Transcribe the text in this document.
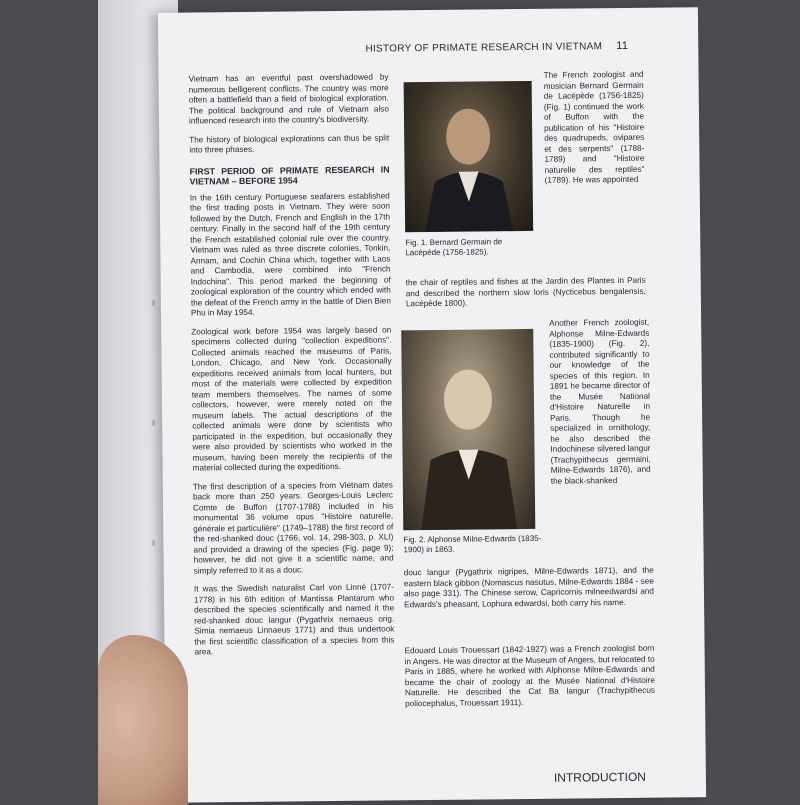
HISTORY OF PRIMATE RESEARCH IN VIETNAM 11

Vietnam has an eventful past overshadowed by numerous belligerent conflicts. The country was more often a battlefield than a field of biological exploration. The political background and rule of Vietnam also influenced research into the country's biodiversity.

The history of biological explorations can thus be split into three phases.

FIRST PERIOD OF PRIMATE RESEARCH IN VIETNAM – BEFORE 1954

In the 16th century Portuguese seafarers established the first trading posts in Vietnam. They were soon followed by the Dutch, French and English in the 17th century. Finally in the second half of the 19th century the French established colonial rule over the country. Vietnam was ruled as three discrete colonies, Tonkin, Annam, and Cochin China which, together with Laos and Cambodia, were combined into "French Indochina". This period marked the beginning of zoological exploration of the country which ended with the defeat of the French army in the battle of Dien Bien Phu in May 1954.

Zoological work before 1954 was largely based on specimens collected during "collection expeditions". Collected animals reached the museums of Paris, London, Chicago, and New York. Occasionally expeditions received animals from local hunters, but most of the materials were collected by expedition team members themselves. The names of some collectors, however, were merely noted on the museum labels. The actual descriptions of the collected animals were done by scientists who participated in the expedition, but occasionally they were also provided by scientists who worked in the museum, having been merely the recipients of the material collected during the expeditions.

The first description of a species from Vietnam dates back more than 250 years. Georges-Louis Leclerc Comte de Buffon (1707-1788) included in his monumental 36 volume opus "Histoire naturelle, générale et particulière" (1749–1788) the first record of the red-shanked douc (1766, vol. 14, 298-303, p. XLI) and provided a drawing of the species (Fig. page 9); however, he did not give it a scientific name, and simply referred to it as a douc.

It was the Swedish naturalist Carl von Linné (1707-1778) in his 6th edition of Mantissa Plantarum who described the species scientifically and named it the red-shanked douc langur (Pygathrix nemaeus orig. Simia nemaeus Linnaeus 1771) and thus undertook the first scientific classification of a species from this area.

Fig. 1. Bernard Germain de Lacépède (1756-1825).
The French zoologist and musician Bernard Germain de Lacépède (1756-1825) (Fig. 1) continued the work of Buffon with the publication of his "Histoire des quadrupeds, ovipares et des serpents" (1788-1789) and "Histoire naturelle des reptiles" (1789). He was appointed
the chair of reptiles and fishes at the Jardin des Plantes in Paris and described the northern slow loris (Nycticebus bengalensis, Lacépède 1800).
Fig. 2. Alphonse Milne-Edwards (1835-1900) in 1863.
Another French zoologist, Alphonse Milne-Edwards (1835-1900) (Fig. 2), contributed significantly to our knowledge of the species of this region. In 1891 he became director of the Musée National d'Histoire Naturelle in Paris. Though he specialized in ornithology, he also described the Indochinese silvered langur (Trachypithecus germaini, Milne-Edwards 1876), and the black-shanked
douc langur (Pygathrix nigripes, Milne-Edwards 1871), and the eastern black gibbon (Nomascus nasutus, Milne-Edwards 1884 - see also page 331). The Chinese serow, Capricornis milneedwardsi and Edwards's pheasant, Lophura edwardsi, both carry his name.
Edouard Louis Trouessart (1842-1927) was a French zoologist born in Angers. He was director at the Museum of Angers, but relocated to Paris in 1885, where he worked with Alphonse Milne-Edwards and became the chair of zoology at the Musée National d'Histoire Naturelle. He described the Cat Ba langur (Trachypithecus poliocephalus, Trouessart 1911).
INTRODUCTION
